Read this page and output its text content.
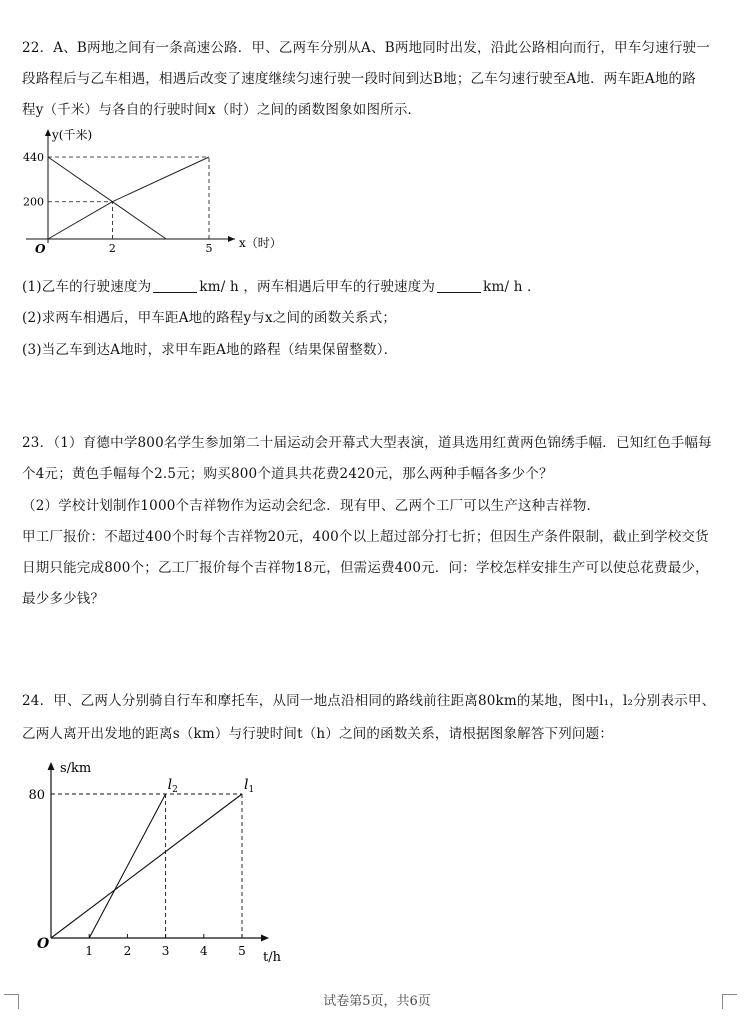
22．A、B两地之间有一条高速公路．甲、乙两车分别从A、B两地同时出发，沿此公路相向而行，甲车匀速行驶一
段路程后与乙车相遇，相遇后改变了速度继续匀速行驶一段时间到达B地；乙车匀速行驶至A地．两车距A地的路
程y（千米）与各自的行驶时间x（时）之间的函数图象如图所示．
y(千米)
x（时）
O
440
200
2	5
(1)乙车的行驶速度为	km/ h ，两车相遇后甲车的行驶速度为	km/ h ．
(2)求两车相遇后，甲车距A地的路程y与x之间的函数关系式；
(3)当乙车到达A地时，求甲车距A地的路程（结果保留整数）．
23．（1）育德中学800名学生参加第二十届运动会开幕式大型表演，道具选用红黄两色锦绣手幅．已知红色手幅每
个4元；黄色手幅每个2.5元；购买800个道具共花费2420元，那么两种手幅各多少个？
（2）学校计划制作1000个吉祥物作为运动会纪念．现有甲、乙两个工厂可以生产这种吉祥物．
甲工厂报价：不超过400个时每个吉祥物20元，400个以上超过部分打七折；但因生产条件限制，截止到学校交货
日期只能完成800个；乙工厂报价每个吉祥物18元，但需运费400元．问：学校怎样安排生产可以使总花费最少，
最少多少钱？
24．甲、乙两人分别骑自行车和摩托车，从同一地点沿相同的路线前往距离80km的某地，图中l₁，l₂分别表示甲、
乙两人离开出发地的距离s（km）与行驶时间t（h）之间的函数关系，请根据图象解答下列问题：
s/km
t/h
O
80
1	2	3	4	5
$l_1$
$l_2$
试卷第5页，共6页
